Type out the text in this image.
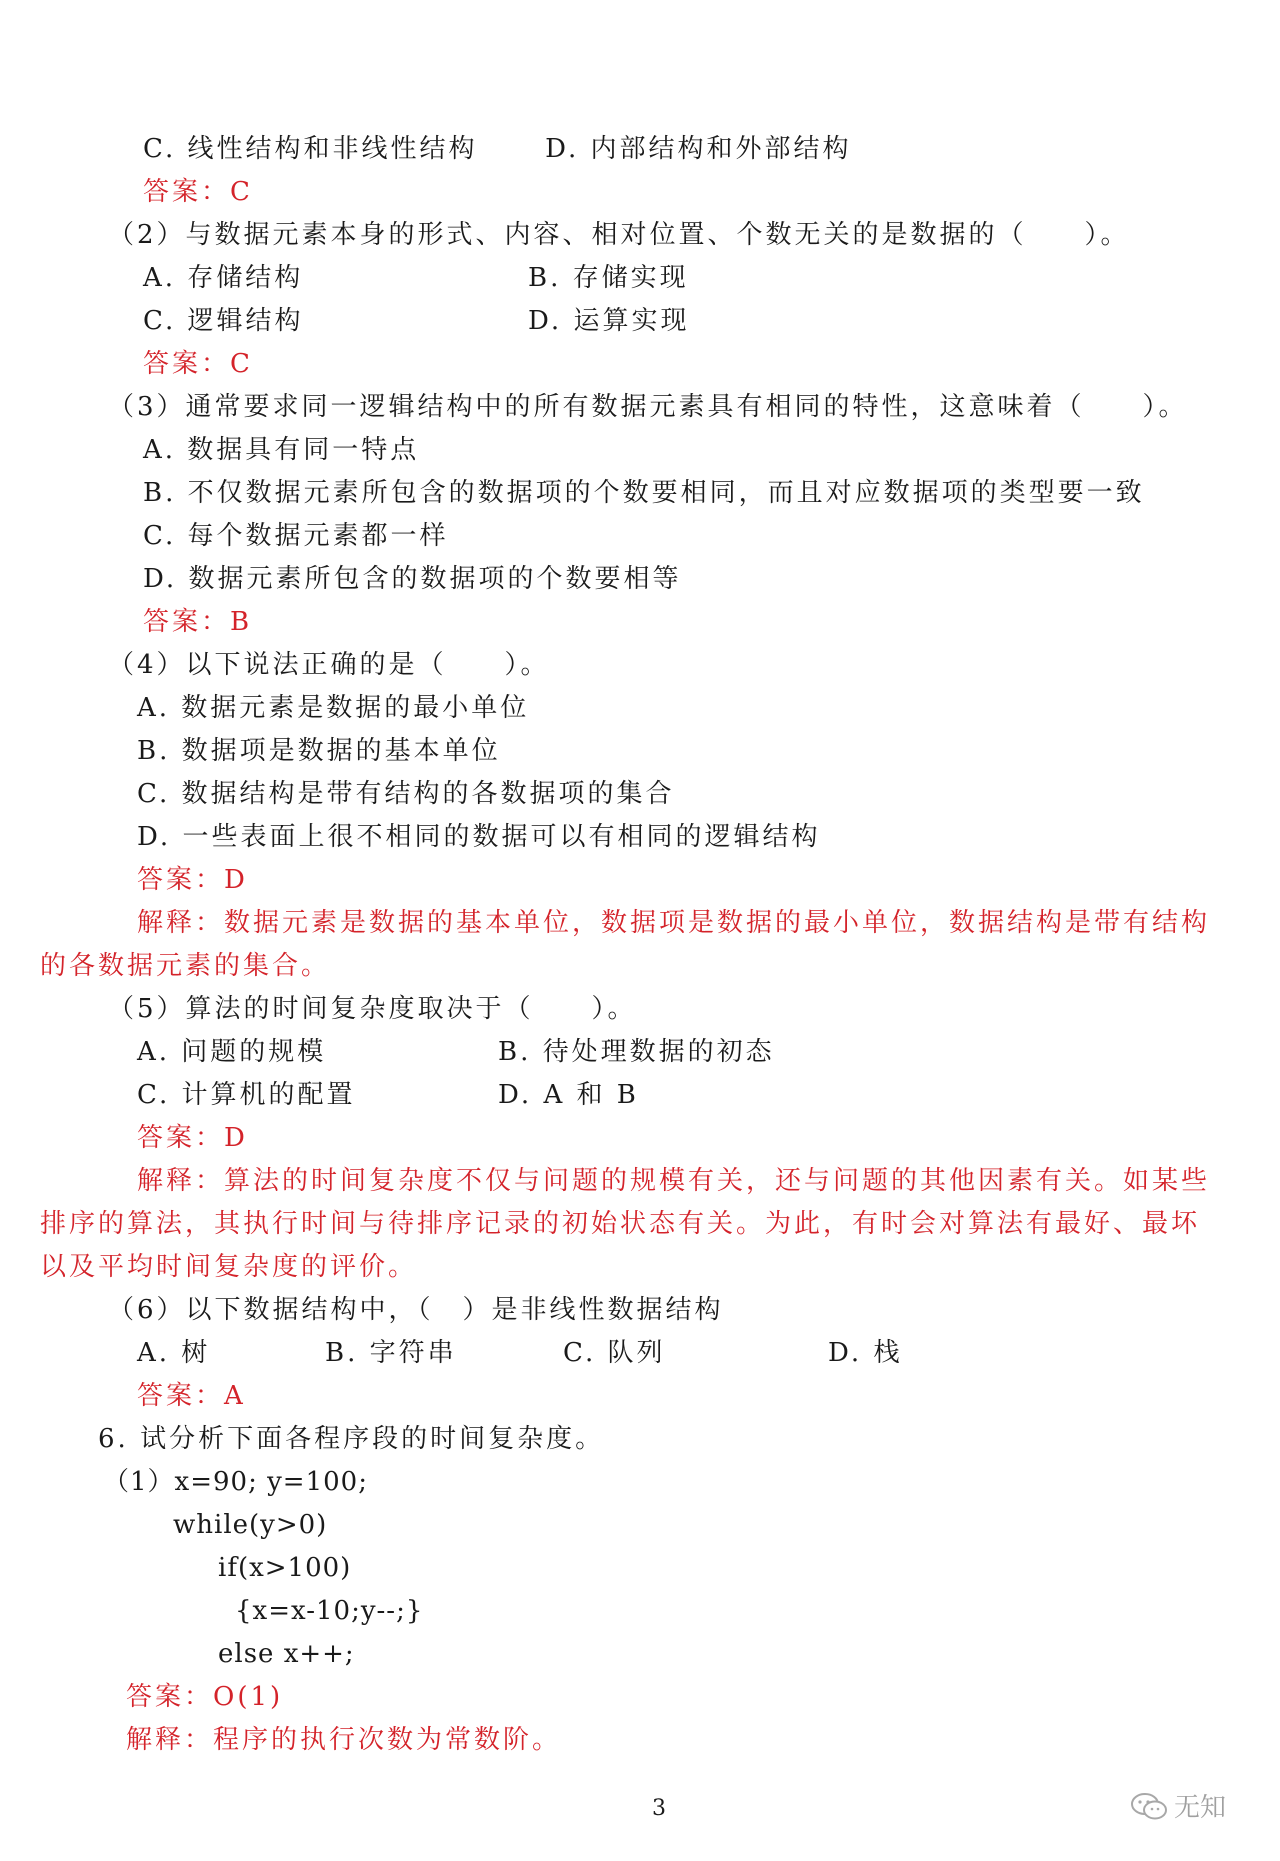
C. 线性结构和非线性结构      D. 内部结构和外部结构
答案：C
（2）与数据元素本身的形式、内容、相对位置、个数无关的是数据的（　　）。
A. 存储结构	B. 存储实现
C. 逻辑结构	D. 运算实现
答案：C
（3）通常要求同一逻辑结构中的所有数据元素具有相同的特性，这意味着（　　）。
A. 数据具有同一特点
B. 不仅数据元素所包含的数据项的个数要相同，而且对应数据项的类型要一致
C. 每个数据元素都一样
D. 数据元素所包含的数据项的个数要相等
答案：B
（4）以下说法正确的是（　　）。
A. 数据元素是数据的最小单位
B. 数据项是数据的基本单位
C. 数据结构是带有结构的各数据项的集合
D. 一些表面上很不相同的数据可以有相同的逻辑结构
答案：D
解释：数据元素是数据的基本单位，数据项是数据的最小单位，数据结构是带有结构
的各数据元素的集合。
（5）算法的时间复杂度取决于（　　）。
A. 问题的规模	B. 待处理数据的初态
C. 计算机的配置	D. A 和 B
答案：D
解释：算法的时间复杂度不仅与问题的规模有关，还与问题的其他因素有关。如某些
排序的算法，其执行时间与待排序记录的初始状态有关。为此，有时会对算法有最好、最坏
以及平均时间复杂度的评价。
（6）以下数据结构中，（　）是非线性数据结构
A. 树	B. 字符串	C. 队列	D. 栈
答案：A
6. 试分析下面各程序段的时间复杂度。
（1）x=90; y=100;
while(y>0)
if(x>100)
{x=x-10;y--;}
else x++;
答案：O(1)
解释：程序的执行次数为常数阶。
3	无知
